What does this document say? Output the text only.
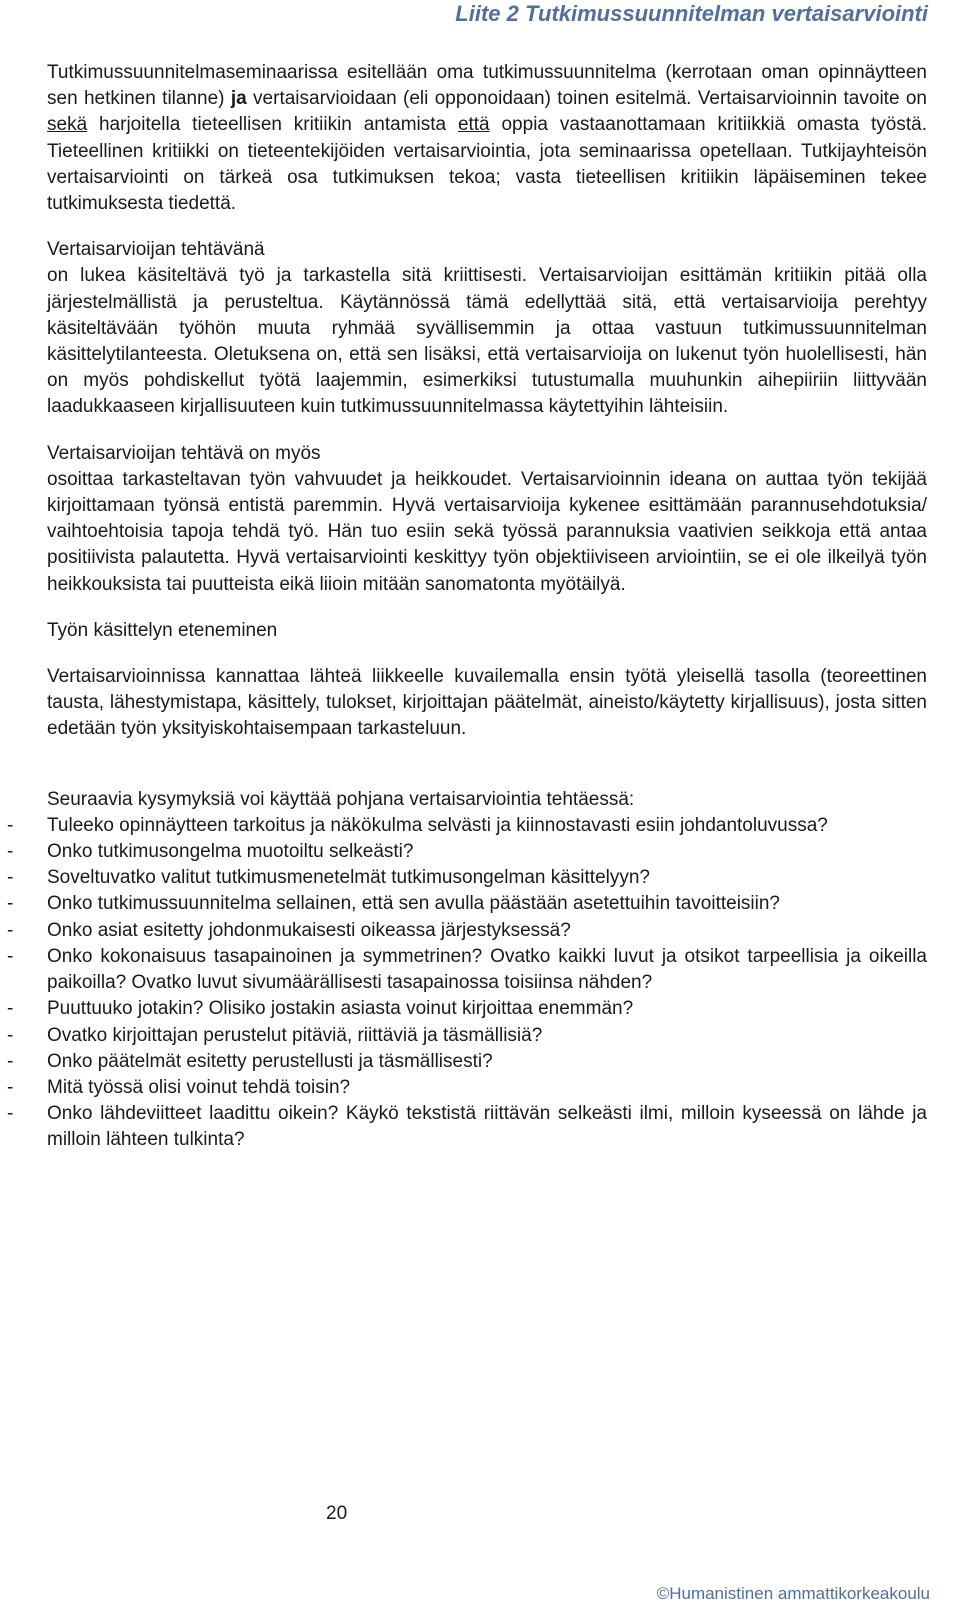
Liite 2 Tutkimussuunnitelman vertaisarviointi

Tutkimussuunnitelmaseminaarissa esitellään oma tutkimussuunnitelma (kerrotaan oman opinnäytteen sen hetkinen tilanne) ja vertaisarvioidaan (eli opponoidaan) toinen esitelmä. Vertaisarvioinnin tavoite on sekä harjoitella tieteellisen kritiikin antamista että oppia vastaanottamaan kritiikkiä omasta työstä. Tieteellinen kritiikki on tieteentekijöiden vertaisarviointia, jota seminaarissa opetellaan. Tutkijayhteisön vertaisarviointi on tärkeä osa tutkimuksen tekoa; vasta tieteellisen kritiikin läpäiseminen tekee tutkimuksesta tiedettä.

Vertaisarvioijan tehtävänä

on lukea käsiteltävä työ ja tarkastella sitä kriittisesti. Vertaisarvioijan esittämän kritiikin pitää olla järjestelmällistä ja perusteltua. Käytännössä tämä edellyttää sitä, että vertaisarvioija perehtyy käsiteltävään työhön muuta ryhmää syvällisemmin ja ottaa vastuun tutkimussuunnitelman käsittelytilanteesta. Oletuksena on, että sen lisäksi, että vertaisarvioija on lukenut työn huolellisesti, hän on myös pohdiskellut työtä laajemmin, esimerkiksi tutustumalla muuhunkin aihepiiriin liittyvään laadukkaaseen kirjallisuuteen kuin tutkimussuunnitelmassa käytettyihin lähteisiin.

Vertaisarvioijan tehtävä on myös

osoittaa tarkasteltavan työn vahvuudet ja heikkoudet. Vertaisarvioinnin ideana on auttaa työn tekijää kirjoittamaan työnsä entistä paremmin. Hyvä vertaisarvioija kykenee esittämään parannusehdotuksia/ vaihtoehtoisia tapoja tehdä työ. Hän tuo esiin sekä työssä parannuksia vaativien seikkoja että antaa positiivista palautetta. Hyvä vertaisarviointi keskittyy työn objektiiviseen arviointiin, se ei ole ilkeilyä työn heikkouksista tai puutteista eikä liioin mitään sanomatonta myötäilyä.

Työn käsittelyn eteneminen

Vertaisarvioinnissa kannattaa lähteä liikkeelle kuvailemalla ensin työtä yleisellä tasolla (teoreettinen tausta, lähestymistapa, käsittely, tulokset, kirjoittajan päätelmät, aineisto/käytetty kirjallisuus), josta sitten edetään työn yksityiskohtaisempaan tarkasteluun.

Seuraavia kysymyksiä voi käyttää pohjana vertaisarviointia tehtäessä:

- Tuleeko opinnäytteen tarkoitus ja näkökulma selvästi ja kiinnostavasti esiin johdantoluvussa?
- Onko tutkimusongelma muotoiltu selkeästi?
- Soveltuvatko valitut tutkimusmenetelmät tutkimusongelman käsittelyyn?
- Onko tutkimussuunnitelma sellainen, että sen avulla päästään asetettuihin tavoitteisiin?
- Onko asiat esitetty johdonmukaisesti oikeassa järjestyksessä?
- Onko kokonaisuus tasapainoinen ja symmetrinen? Ovatko kaikki luvut ja otsikot tarpeellisia ja oikeilla paikoilla? Ovatko luvut sivumäärällisesti tasapainossa toisiinsa nähden?
- Puuttuuko jotakin? Olisiko jostakin asiasta voinut kirjoittaa enemmän?
- Ovatko kirjoittajan perustelut pitäviä, riittäviä ja täsmällisiä?
- Onko päätelmät esitetty perustellusti ja täsmällisesti?
- Mitä työssä olisi voinut tehdä toisin?
- Onko lähdeviitteet laadittu oikein? Käykö tekstistä riittävän selkeästi ilmi, milloin kyseessä on lähde ja milloin lähteen tulkinta?
20
©Humanistinen ammattikorkeakoulu
